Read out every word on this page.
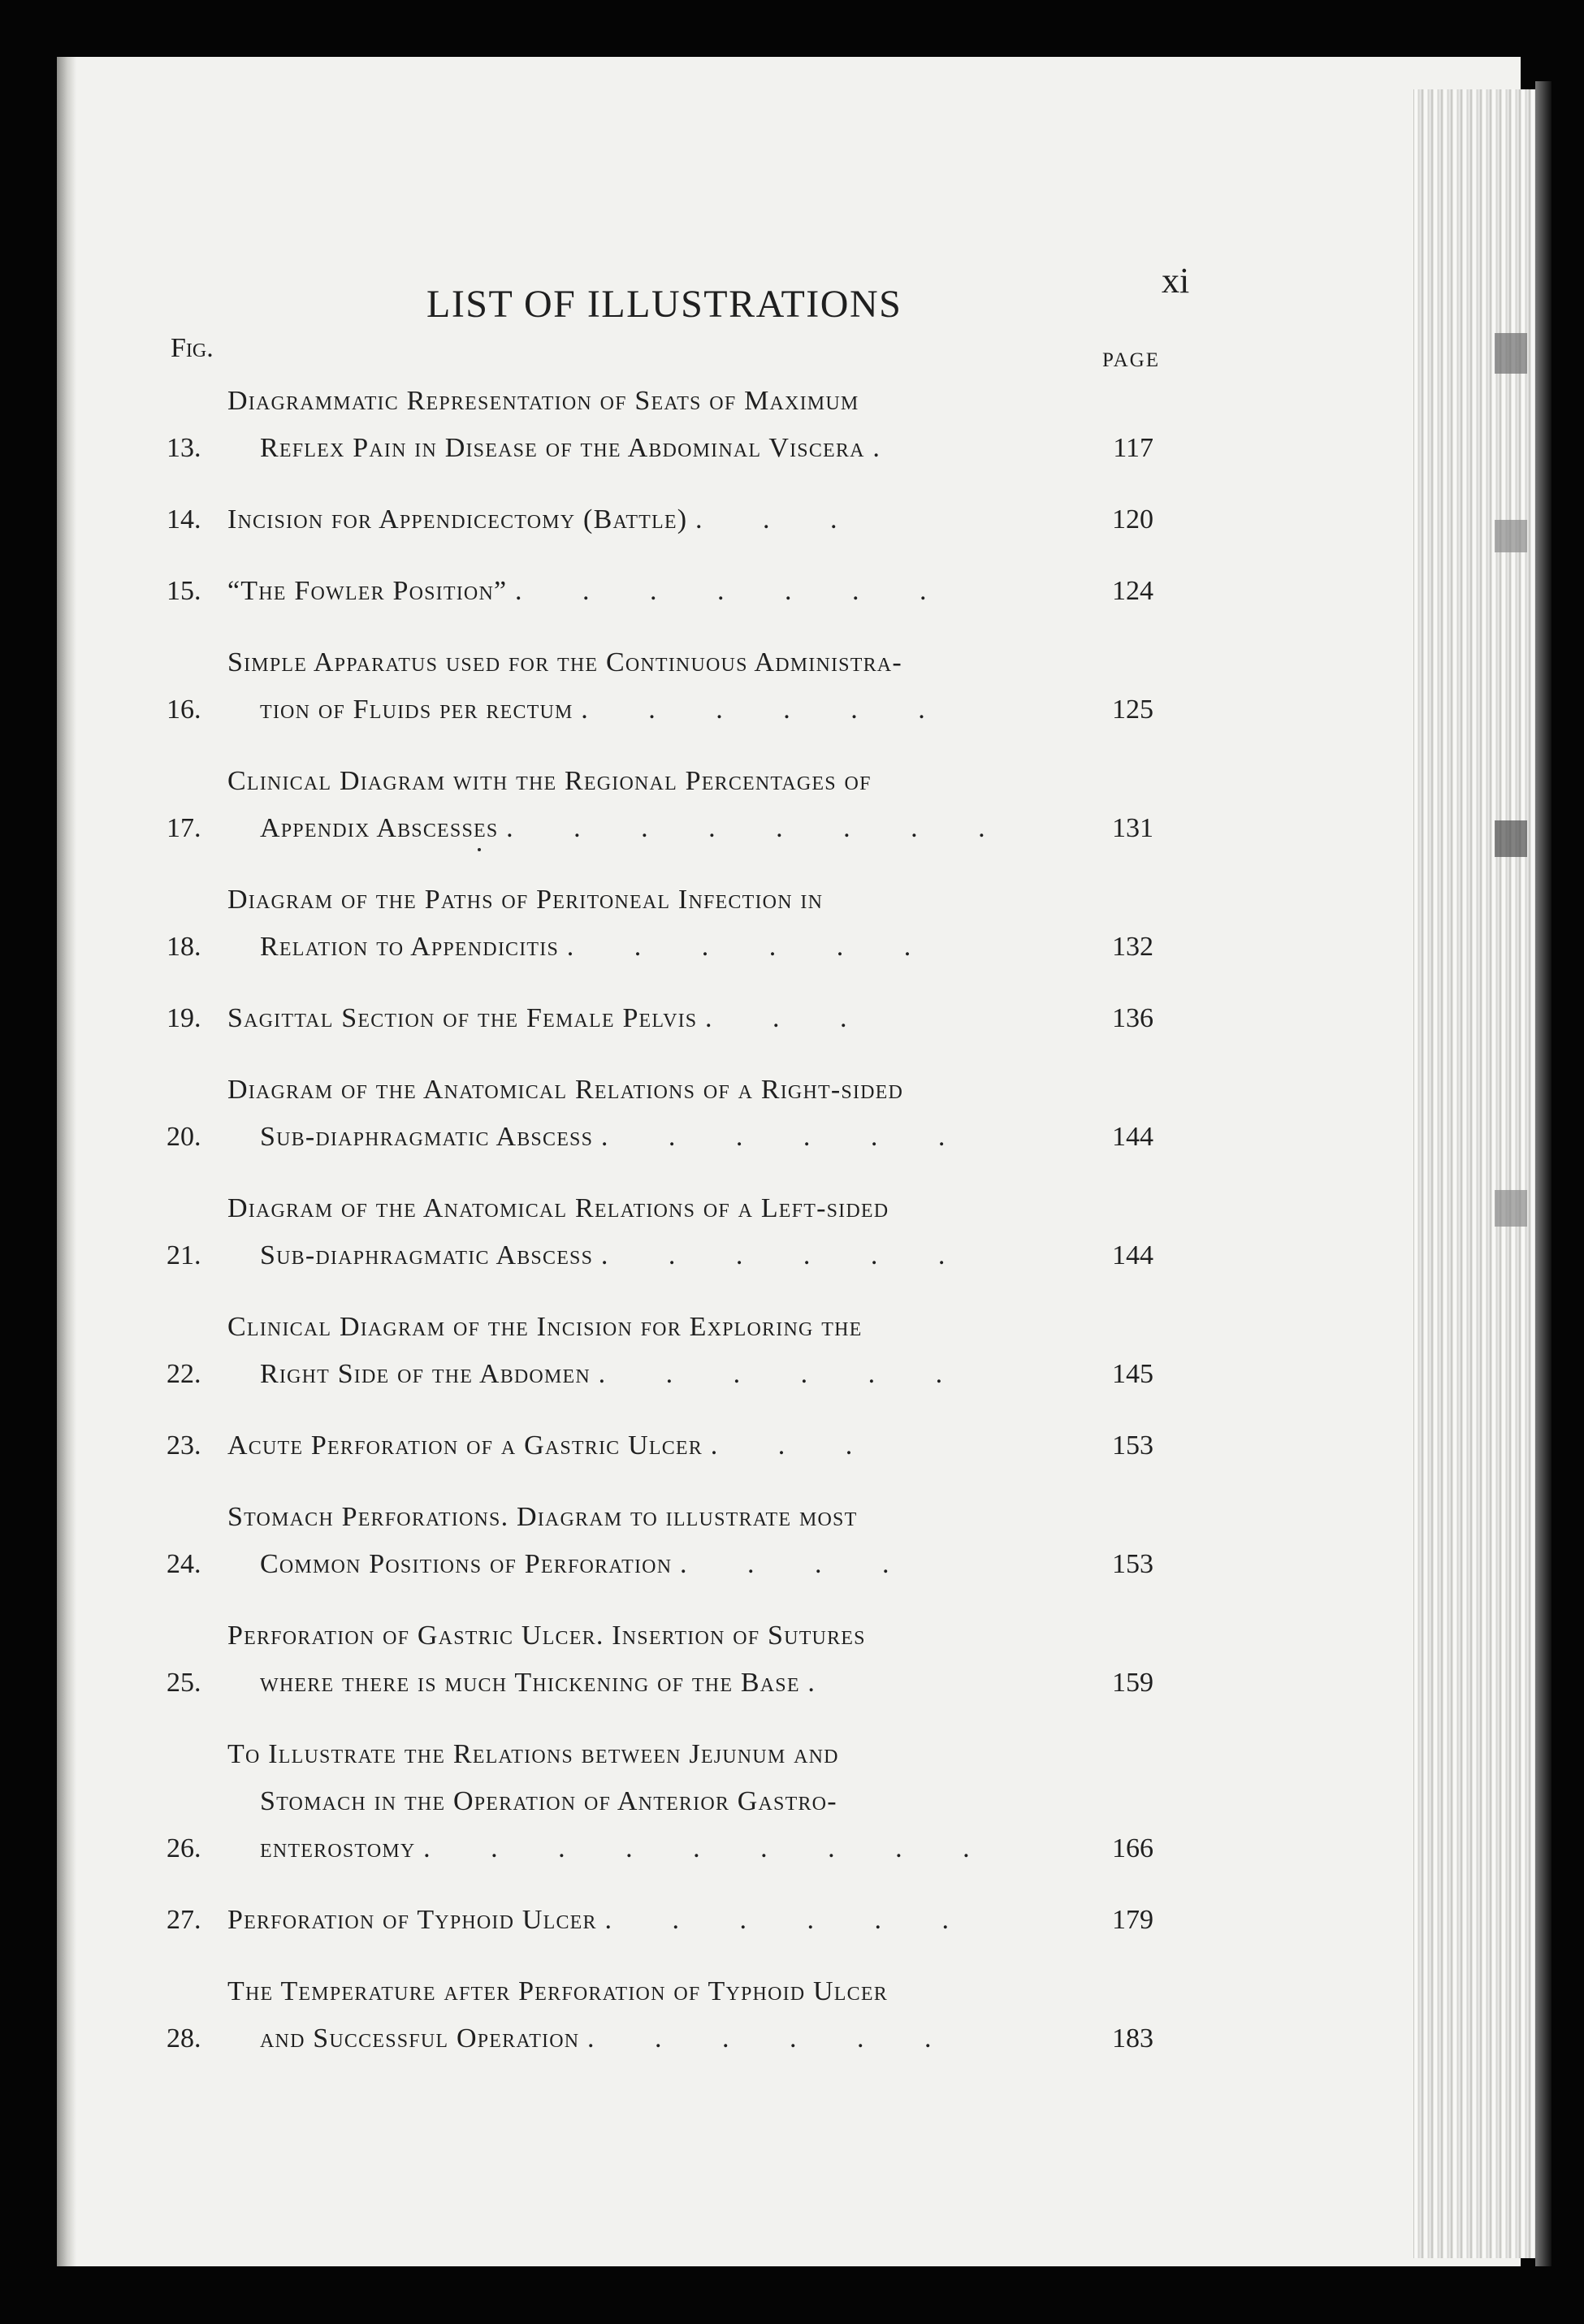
LIST OF ILLUSTRATIONS
xi
Fig.	PAGE
13.
Diagrammatic Representation of Seats of Maximum
Reflex Pain in Disease of the Abdominal Viscera .	117
14. Incision for Appendicectomy (Battle) . . .	120
15. “The Fowler Position” . . . . . . .	124
16.
Simple Apparatus used for the Continuous Administra-
tion of Fluids per rectum . . . . . .	125
17.
Clinical Diagram with the Regional Percentages of
Appendix Abscesses . . . . . . . .	131
18.
Diagram of the Paths of Peritoneal Infection in
Relation to Appendicitis . . . . . .	132
19. Sagittal Section of the Female Pelvis . . .	136
20.
Diagram of the Anatomical Relations of a Right-sided
Sub-diaphragmatic Abscess . . . . . .	144
21.
Diagram of the Anatomical Relations of a Left-sided
Sub-diaphragmatic Abscess . . . . . .	144
22.
Clinical Diagram of the Incision for Exploring the
Right Side of the Abdomen . . . . . .	145
23. Acute Perforation of a Gastric Ulcer . . .	153
24.
Stomach Perforations. Diagram to illustrate most
Common Positions of Perforation . . . .	153
25.
Perforation of Gastric Ulcer. Insertion of Sutures
where there is much Thickening of the Base .	159
26.
To Illustrate the Relations between Jejunum and
Stomach in the Operation of Anterior Gastro-
enterostomy . . . . . . . . .	166
27. Perforation of Typhoid Ulcer . . . . . .	179
28.
The Temperature after Perforation of Typhoid Ulcer
and Successful Operation . . . . . .	183
